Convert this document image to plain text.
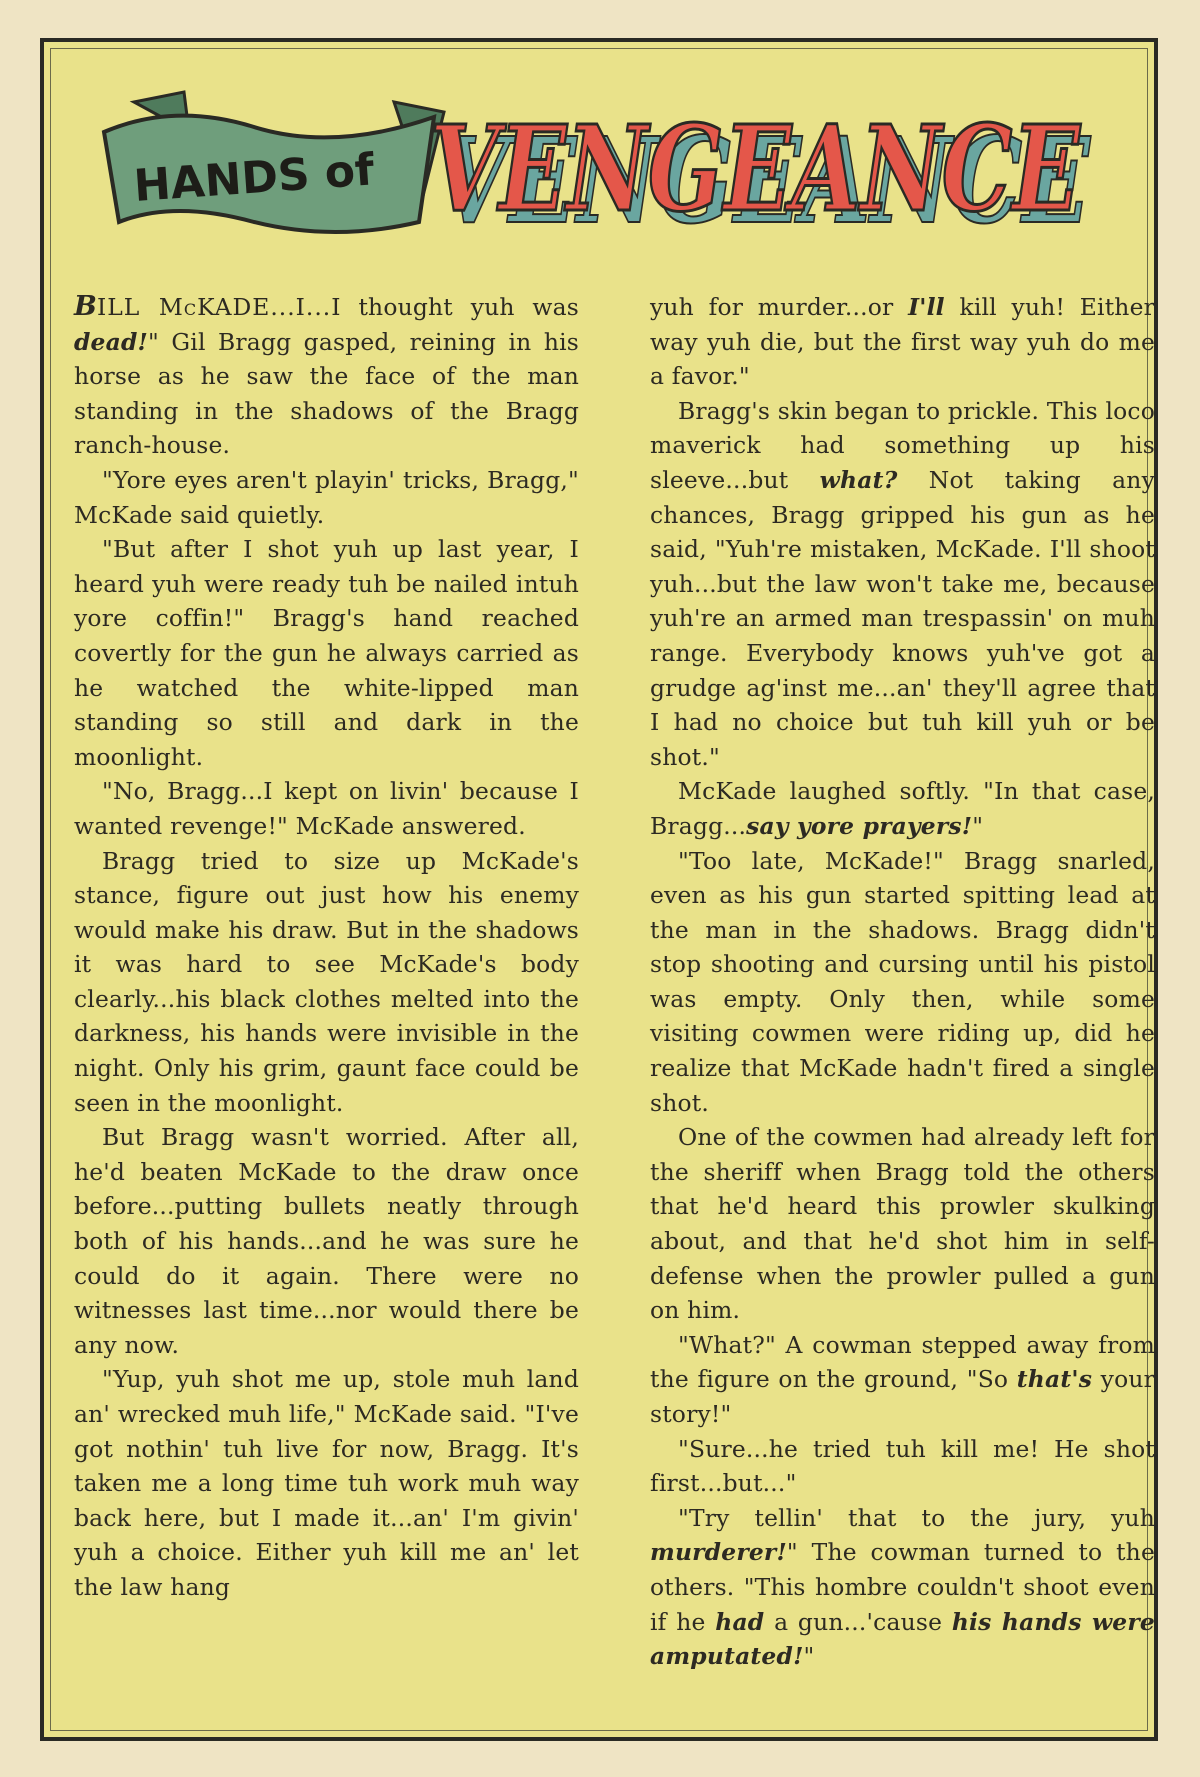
HANDS of VENGEANCE
VENGEANCE

BILL McKADE...I...I thought yuh was dead!" Gil Bragg gasped, reining in his horse as he saw the face of the man standing in the shadows of the Bragg ranch-house.

"Yore eyes aren't playin' tricks, Bragg," McKade said quietly.

"But after I shot yuh up last year, I heard yuh were ready tuh be nailed intuh yore coffin!" Bragg's hand reached covertly for the gun he always carried as he watched the white-lipped man standing so still and dark in the moonlight.

"No, Bragg...I kept on livin' because I wanted revenge!" McKade answered.

Bragg tried to size up McKade's stance, figure out just how his enemy would make his draw. But in the shadows it was hard to see McKade's body clearly...his black clothes melted into the darkness, his hands were invisible in the night. Only his grim, gaunt face could be seen in the moonlight.

But Bragg wasn't worried. After all, he'd beaten McKade to the draw once before...putting bullets neatly through both of his hands...and he was sure he could do it again. There were no witnesses last time...nor would there be any now.

"Yup, yuh shot me up, stole muh land an' wrecked muh life," McKade said. "I've got nothin' tuh live for now, Bragg. It's taken me a long time tuh work muh way back here, but I made it...an' I'm givin' yuh a choice. Either yuh kill me an' let the law hang

yuh for murder...or I'll kill yuh! Either way yuh die, but the first way yuh do me a favor."

Bragg's skin began to prickle. This loco maverick had something up his sleeve...but what? Not taking any chances, Bragg gripped his gun as he said, "Yuh're mistaken, McKade. I'll shoot yuh...but the law won't take me, because yuh're an armed man trespassin' on muh range. Everybody knows yuh've got a grudge ag'inst me...an' they'll agree that I had no choice but tuh kill yuh or be shot."

McKade laughed softly. "In that case, Bragg...say yore prayers!"

"Too late, McKade!" Bragg snarled, even as his gun started spitting lead at the man in the shadows. Bragg didn't stop shooting and cursing until his pistol was empty. Only then, while some visiting cowmen were riding up, did he realize that McKade hadn't fired a single shot.

One of the cowmen had already left for the sheriff when Bragg told the others that he'd heard this prowler skulking about, and that he'd shot him in self-defense when the prowler pulled a gun on him.

"What?" A cowman stepped away from the figure on the ground, "So that's your story!"

"Sure...he tried tuh kill me! He shot first...but..."

"Try tellin' that to the jury, yuh murderer!" The cowman turned to the others. "This hombre couldn't shoot even if he had a gun...'cause his hands were amputated!"
